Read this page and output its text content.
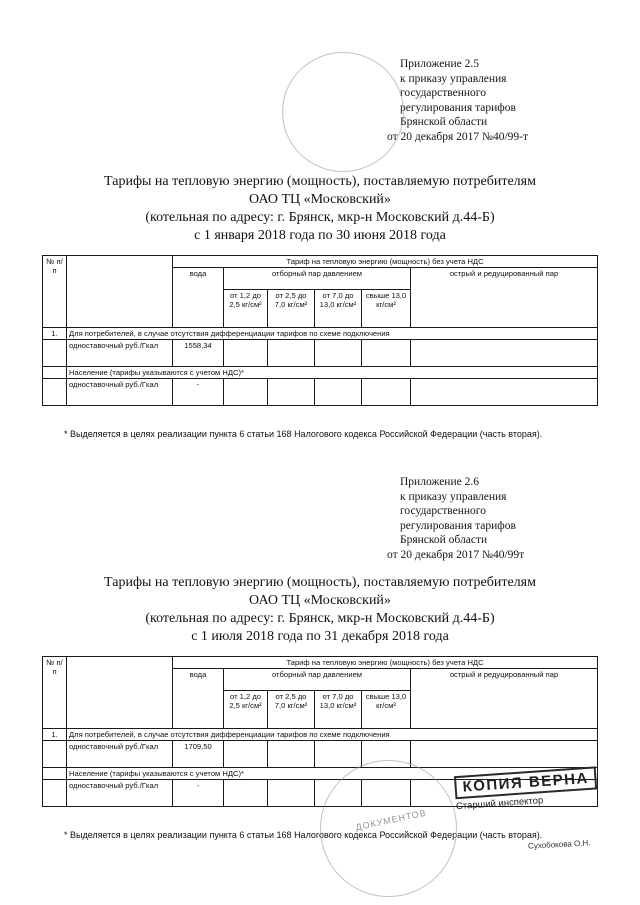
Приложение 2.5
к приказу управления
государственного
регулирования тарифов
Брянской области
от 20 декабря 2017 №40/99-т
Тарифы на тепловую энергию (мощность), поставляемую потребителям
ОАО ТЦ «Московский»
(котельная по адресу: г. Брянск, мкр-н Московский д.44-Б)
с 1 января 2018 года по 30 июня 2018 года
№ п/п		Тариф на тепловую энергию (мощность) без учета НДС					
		вода	отборный пар давлением				острый и редуцированный пар
			от 1,2 до 2,5 кг/см²	от 2,5 до 7,0 кг/см²	от 7,0 до 13,0 кг/см²	свыше 13,0 кг/см²	
1.	Для потребителей, в случае отсутствия дифференциации тарифов по схеме подключения						
	одноставочный руб./Гкал	1558,34					
	Население (тарифы указываются с учетом НДС)*						
	одноставочный руб./Гкал	-					
* Выделяется в целях реализации пункта 6 статьи 168 Налогового кодекса Российской Федерации (часть вторая).
Приложение 2.6
к приказу управления
государственного
регулирования тарифов
Брянской области
от 20 декабря 2017 №40/99т
Тарифы на тепловую энергию (мощность), поставляемую потребителям
ОАО ТЦ «Московский»
(котельная по адресу: г. Брянск, мкр-н Московский д.44-Б)
с 1 июля 2018 года по 31 декабря 2018 года
№ п/п		Тариф на тепловую энергию (мощность) без учета НДС					
		вода	отборный пар давлением				острый и редуцированный пар
			от 1,2 до 2,5 кг/см²	от 2,5 до 7,0 кг/см²	от 7,0 до 13,0 кг/см²	свыше 13,0 кг/см²	
1.	Для потребителей, в случае отсутствия дифференциации тарифов по схеме подключения						
	одноставочный руб./Гкал	1709,50					
	Население (тарифы указываются с учетом НДС)*						
	одноставочный руб./Гкал	-					
* Выделяется в целях реализации пункта 6 статьи 168 Налогового кодекса Российской Федерации (часть вторая).
ДОКУМЕНТОВ
КОПИЯ ВЕРНА
Старший инспектор
Сухобокова О.Н.
